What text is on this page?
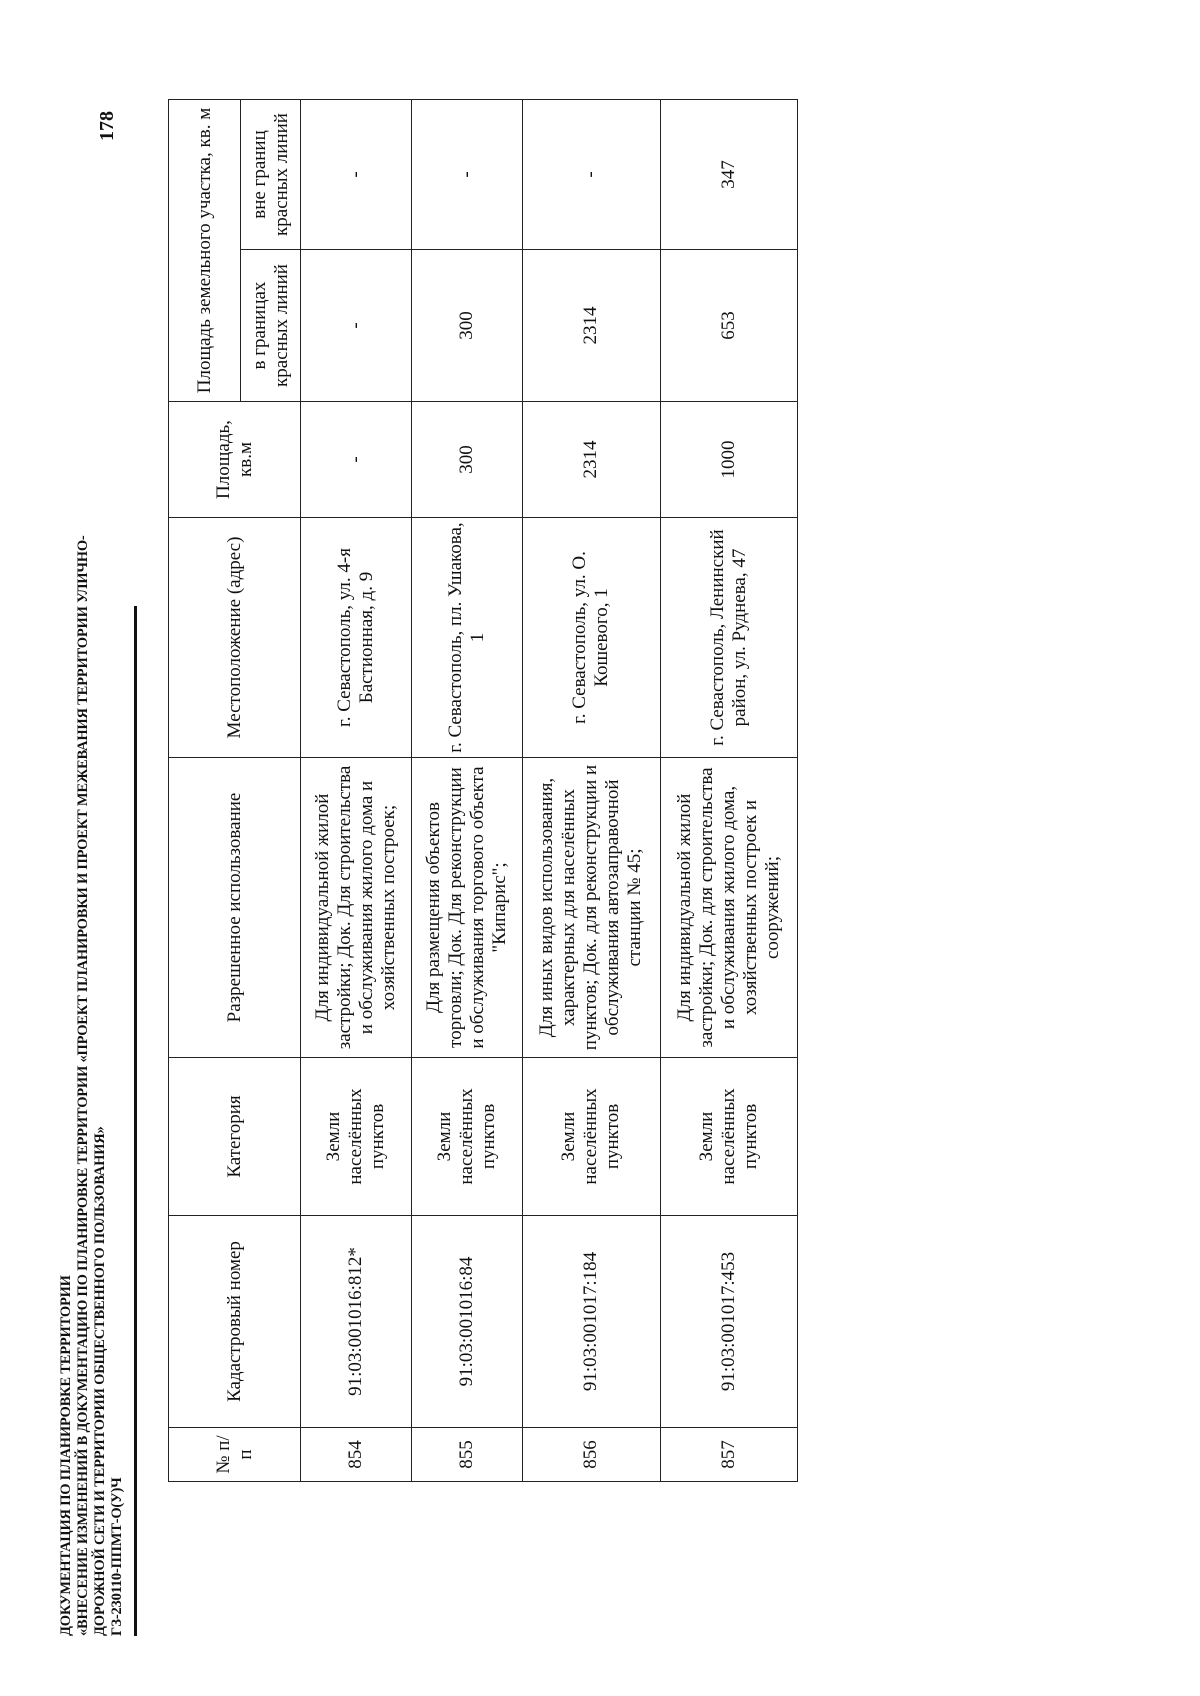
178
ДОКУМЕНТАЦИЯ ПО ПЛАНИРОВКЕ ТЕРРИТОРИИ «ВНЕСЕНИЕ ИЗМЕНЕНИЙ В ДОКУМЕНТАЦИЮ ПО ПЛАНИРОВКЕ ТЕРРИТОРИИ «ПРОЕКТ ПЛАНИРОВКИ И ПРОЕКТ МЕЖЕВАНИЯ ТЕРРИТОРИИ УЛИЧНО- ДОРОЖНОЙ СЕТИ И ТЕРРИТОРИИ ОБЩЕСТВЕННОГО ПОЛЬЗОВАНИЯ» ГЗ-230110-ППМТ-О(У)Ч
№ п/п	Кадастровый номер	Категория	Разрешенное использование	Местоположение (адрес)	Площадь, кв.м	Площадь земельного участка, кв. м	
						в границах красных линий	вне границ красных линий
854	91:03:001016:812*	Земли населённых пунктов	Для индивидуальной жилой застройки; Док. Для строительства и обслуживания жилого дома и хозяйственных построек;	г. Севастополь, ул. 4-я Бастионная, д. 9	-	-	-
855	91:03:001016:84	Земли населённых пунктов	Для размещения объектов торговли; Док. Для реконструкции и обслуживания торгового объекта "Кипарис";	г. Севастополь, пл. Ушакова, 1	300	300	-
856	91:03:001017:184	Земли населённых пунктов	Для иных видов использования, характерных для населённых пунктов; Док. для реконструкции и обслуживания автозаправочной станции № 45;	г. Севастополь, ул. О. Кошевого, 1	2314	2314	-
857	91:03:001017:453	Земли населённых пунктов	Для индивидуальной жилой застройки; Док. для строительства и обслуживания жилого дома, хозяйственных построек и сооружений;	г. Севастополь, Ленинский район, ул. Руднева, 47	1000	653	347
